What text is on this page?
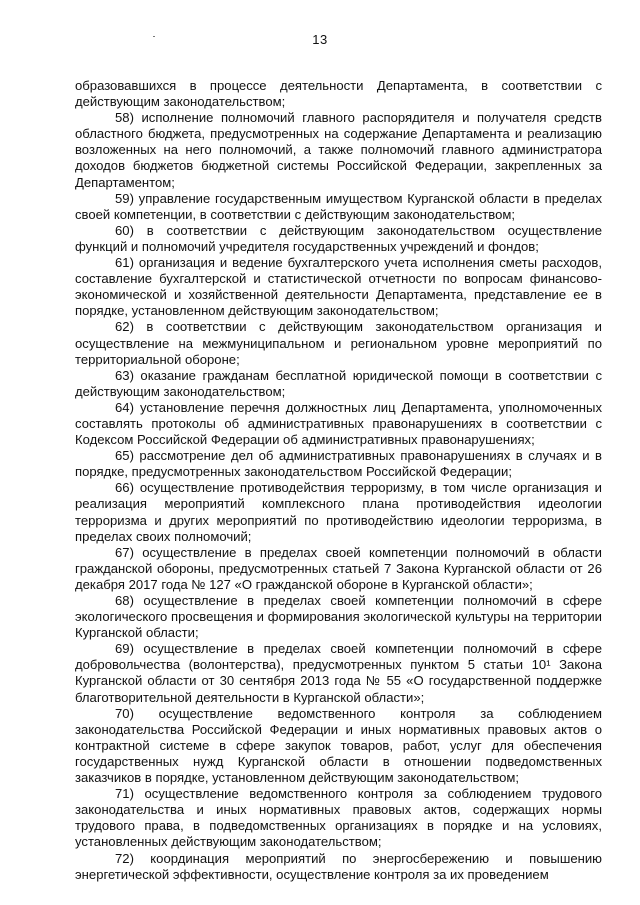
13

образовавшихся в процессе деятельности Департамента, в соответствии с действующим законодательством;

58) исполнение полномочий главного распорядителя и получателя средств областного бюджета, предусмотренных на содержание Департамента и реализацию возложенных на него полномочий, а также полномочий главного администратора доходов бюджетов бюджетной системы Российской Федерации, закрепленных за Департаментом;

59) управление государственным имуществом Курганской области в пределах своей компетенции, в соответствии с действующим законодательством;

60) в соответствии с действующим законодательством осуществление функций и полномочий учредителя государственных учреждений и фондов;

61) организация и ведение бухгалтерского учета исполнения сметы расходов, составление бухгалтерской и статистической отчетности по вопросам финансово-экономической и хозяйственной деятельности Департамента, представление ее в порядке, установленном действующим законодательством;

62) в соответствии с действующим законодательством организация и осуществление на межмуниципальном и региональном уровне мероприятий по территориальной обороне;

63) оказание гражданам бесплатной юридической помощи в соответствии с действующим законодательством;

64) установление перечня должностных лиц Департамента, уполномоченных составлять протоколы об административных правонарушениях в соответствии с Кодексом Российской Федерации об административных правонарушениях;

65) рассмотрение дел об административных правонарушениях в случаях и в порядке, предусмотренных законодательством Российской Федерации;

66) осуществление противодействия терроризму, в том числе организация и реализация мероприятий комплексного плана противодействия идеологии терроризма и других мероприятий по противодействию идеологии терроризма, в пределах своих полномочий;

67) осуществление в пределах своей компетенции полномочий в области гражданской обороны, предусмотренных статьей 7 Закона Курганской области от 26 декабря 2017 года № 127 «О гражданской обороне в Курганской области»;

68) осуществление в пределах своей компетенции полномочий в сфере экологического просвещения и формирования экологической культуры на территории Курганской области;

69) осуществление в пределах своей компетенции полномочий в сфере добровольчества (волонтерства), предусмотренных пунктом 5 статьи 10¹ Закона Курганской области от 30 сентября 2013 года № 55 «О государственной поддержке благотворительной деятельности в Курганской области»;

70) осуществление ведомственного контроля за соблюдением законодательства Российской Федерации и иных нормативных правовых актов о контрактной системе в сфере закупок товаров, работ, услуг для обеспечения государственных нужд Курганской области в отношении подведомственных заказчиков в порядке, установленном действующим законодательством;

71) осуществление ведомственного контроля за соблюдением трудового законодательства и иных нормативных правовых актов, содержащих нормы трудового права, в подведомственных организациях в порядке и на условиях, установленных действующим законодательством;

72) координация мероприятий по энергосбережению и повышению энергетической эффективности, осуществление контроля за их проведением
